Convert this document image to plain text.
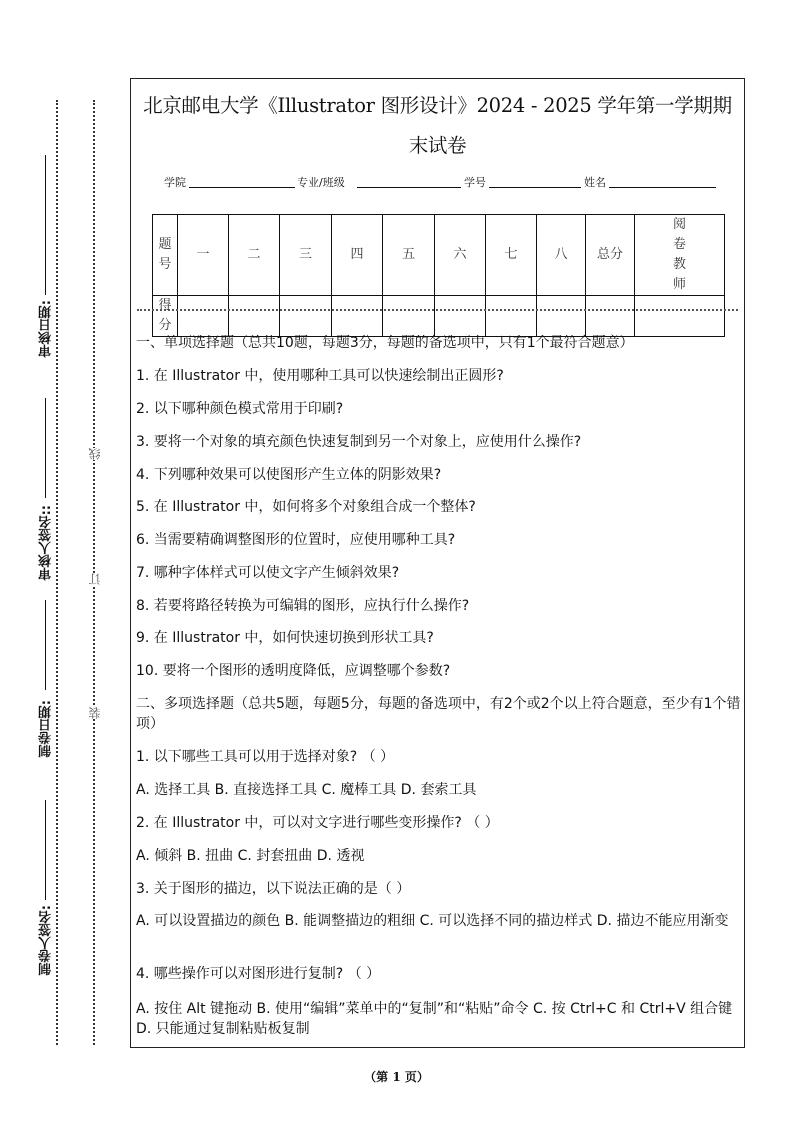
审核日期:
审核人签名::
制卷日期:
制卷人签名:
线
订
装
北京邮电大学《Illustrator 图形设计》2024 - 2025 学年第一学期期
末试卷
学院	专业/班级	学号	姓名
题号	一	二	三	四	五	六	七	八	总分	阅卷教师
得分										
一、单项选择题（总共10题，每题3分，每题的备选项中，只有1个最符合题意）
1. 在 Illustrator 中，使用哪种工具可以快速绘制出正圆形?
2. 以下哪种颜色模式常用于印刷?
3. 要将一个对象的填充颜色快速复制到另一个对象上，应使用什么操作?
4. 下列哪种效果可以使图形产生立体的阴影效果?
5. 在 Illustrator 中，如何将多个对象组合成一个整体?
6. 当需要精确调整图形的位置时，应使用哪种工具?
7. 哪种字体样式可以使文字产生倾斜效果?
8. 若要将路径转换为可编辑的图形，应执行什么操作?
9. 在 Illustrator 中，如何快速切换到形状工具?
10. 要将一个图形的透明度降低，应调整哪个参数?
二、多项选择题（总共5题，每题5分，每题的备选项中，有2个或2个以上符合题意，至少有1个错项）
1. 以下哪些工具可以用于选择对象? （ ）
A. 选择工具 B. 直接选择工具 C. 魔棒工具 D. 套索工具
2. 在 Illustrator 中，可以对文字进行哪些变形操作? （ ）
A. 倾斜 B. 扭曲 C. 封套扭曲 D. 透视
3. 关于图形的描边，以下说法正确的是（ ）
A. 可以设置描边的颜色 B. 能调整描边的粗细 C. 可以选择不同的描边样式 D. 描边不能应用渐变
4. 哪些操作可以对图形进行复制? （ ）
A. 按住 Alt 键拖动 B. 使用“编辑”菜单中的“复制”和“粘贴”命令 C. 按 Ctrl+C 和 Ctrl+V 组合键 D. 只能通过复制粘贴板复制
（第 1 页）
